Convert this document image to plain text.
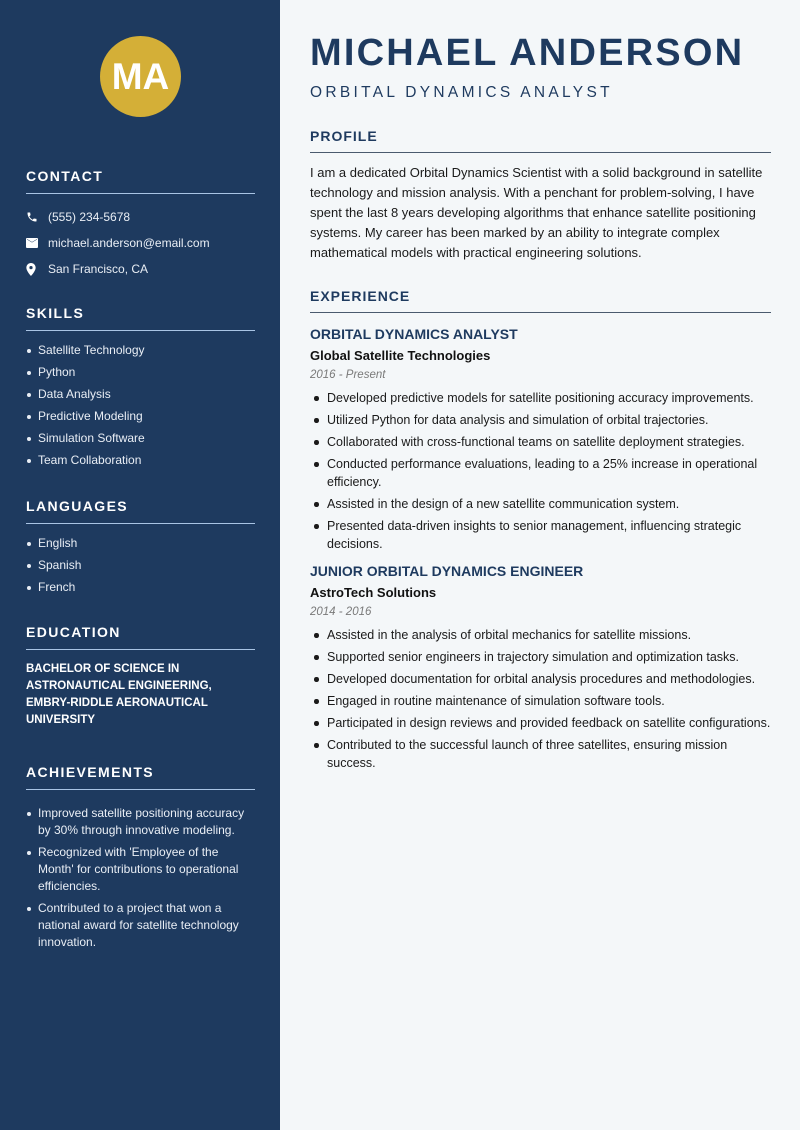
MA
CONTACT
(555) 234-5678
michael.anderson@email.com
San Francisco, CA
SKILLS
Satellite Technology
Python
Data Analysis
Predictive Modeling
Simulation Software
Team Collaboration
LANGUAGES
English
Spanish
French
EDUCATION
BACHELOR OF SCIENCE IN ASTRONAUTICAL ENGINEERING, EMBRY-RIDDLE AERONAUTICAL UNIVERSITY
ACHIEVEMENTS
Improved satellite positioning accuracy by 30% through innovative modeling.
Recognized with 'Employee of the Month' for contributions to operational efficiencies.
Contributed to a project that won a national award for satellite technology innovation.
MICHAEL ANDERSON
ORBITAL DYNAMICS ANALYST
PROFILE

I am a dedicated Orbital Dynamics Scientist with a solid background in satellite technology and mission analysis. With a penchant for problem-solving, I have spent the last 8 years developing algorithms that enhance satellite positioning systems. My career has been marked by an ability to integrate complex mathematical models with practical engineering solutions.

EXPERIENCE
ORBITAL DYNAMICS ANALYST
Global Satellite Technologies
2016 - Present
Developed predictive models for satellite positioning accuracy improvements.
Utilized Python for data analysis and simulation of orbital trajectories.
Collaborated with cross-functional teams on satellite deployment strategies.
Conducted performance evaluations, leading to a 25% increase in operational efficiency.
Assisted in the design of a new satellite communication system.
Presented data-driven insights to senior management, influencing strategic decisions.
JUNIOR ORBITAL DYNAMICS ENGINEER
AstroTech Solutions
2014 - 2016
Assisted in the analysis of orbital mechanics for satellite missions.
Supported senior engineers in trajectory simulation and optimization tasks.
Developed documentation for orbital analysis procedures and methodologies.
Engaged in routine maintenance of simulation software tools.
Participated in design reviews and provided feedback on satellite configurations.
Contributed to the successful launch of three satellites, ensuring mission success.
